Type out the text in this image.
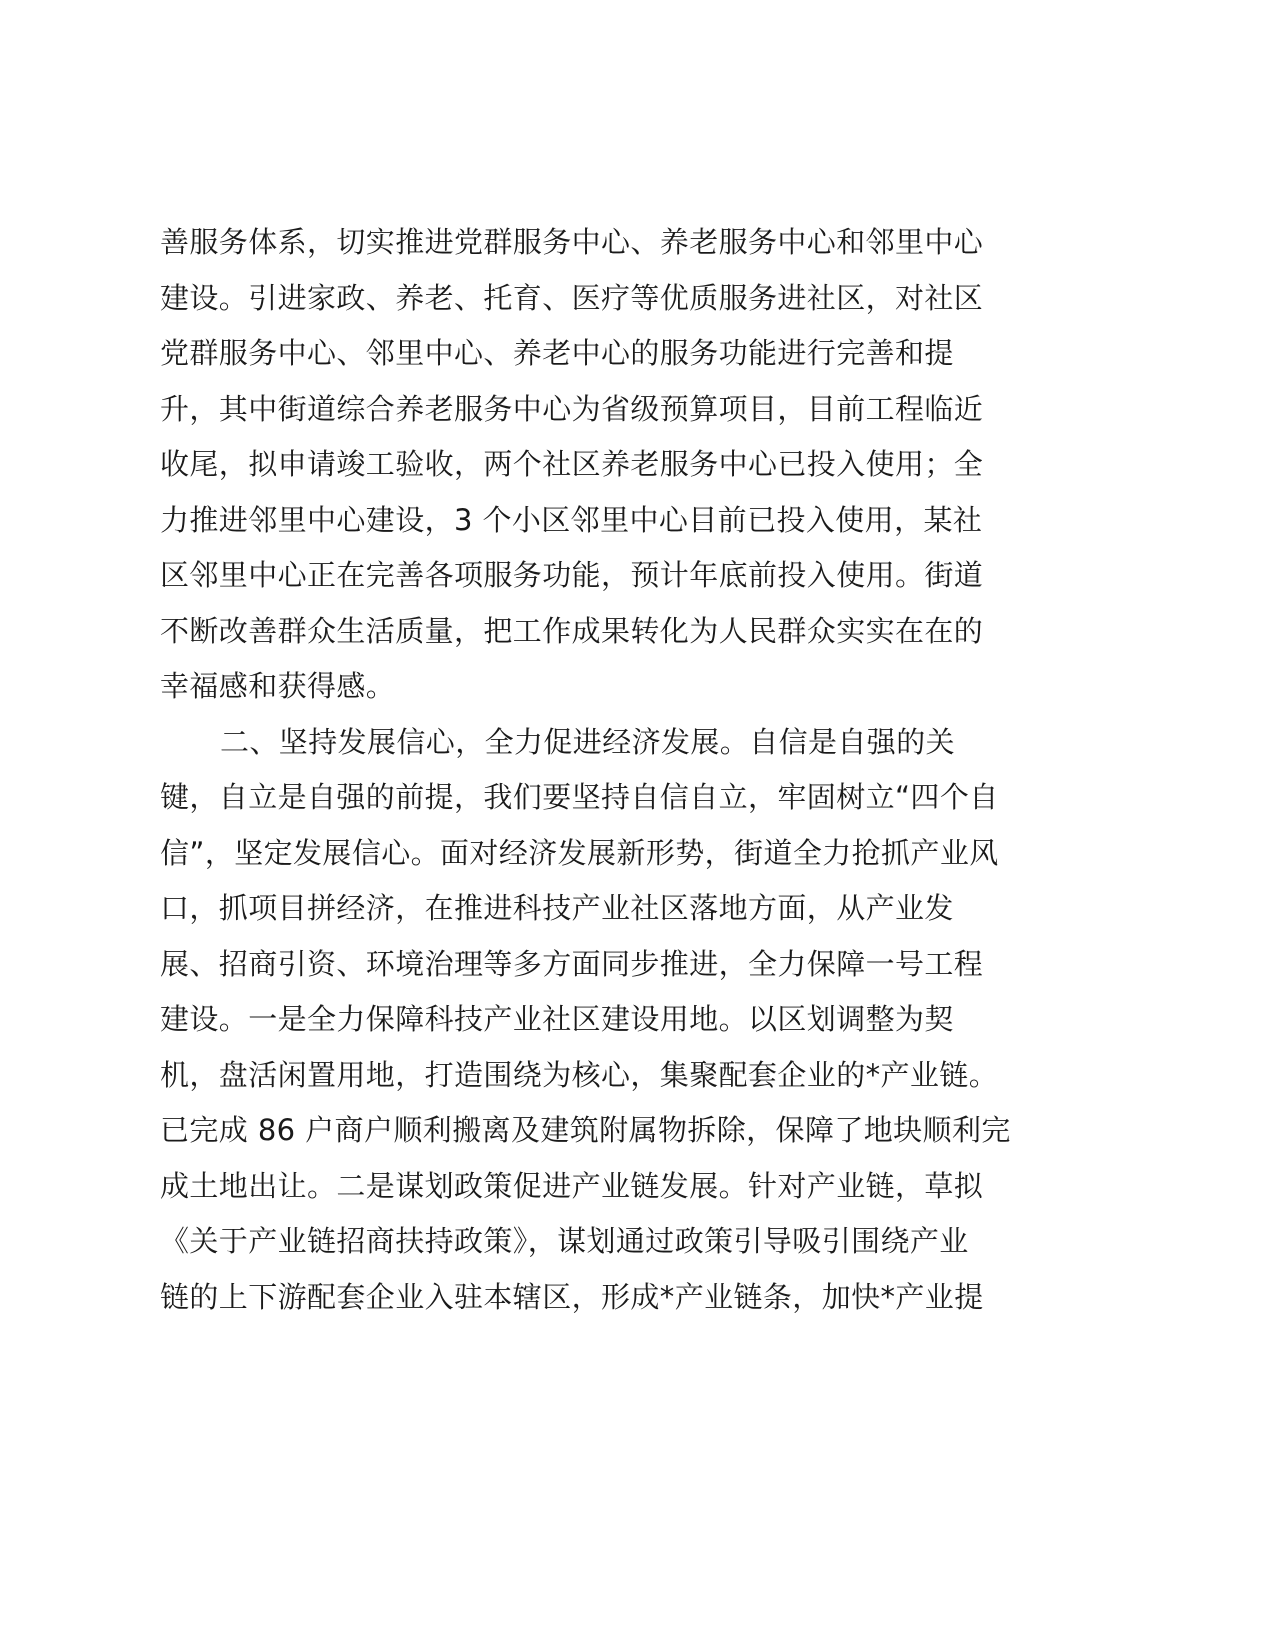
善服务体系，切实推进党群服务中心、养老服务中心和邻里中心
建设。引进家政、养老、托育、医疗等优质服务进社区，对社区
党群服务中心、邻里中心、养老中心的服务功能进行完善和提
升，其中街道综合养老服务中心为省级预算项目，目前工程临近
收尾，拟申请竣工验收，两个社区养老服务中心已投入使用；全
力推进邻里中心建设，3 个小区邻里中心目前已投入使用，某社
区邻里中心正在完善各项服务功能，预计年底前投入使用。街道
不断改善群众生活质量，把工作成果转化为人民群众实实在在的
幸福感和获得感。
二、坚持发展信心，全力促进经济发展。自信是自强的关
键，自立是自强的前提，我们要坚持自信自立，牢固树立“四个自
信”，坚定发展信心。面对经济发展新形势，街道全力抢抓产业风
口，抓项目拼经济，在推进科技产业社区落地方面，从产业发
展、招商引资、环境治理等多方面同步推进，全力保障一号工程
建设。一是全力保障科技产业社区建设用地。以区划调整为契
机，盘活闲置用地，打造围绕为核心，集聚配套企业的*产业链。
已完成 86 户商户顺利搬离及建筑附属物拆除，保障了地块顺利完
成土地出让。二是谋划政策促进产业链发展。针对产业链，草拟
《关于产业链招商扶持政策》，谋划通过政策引导吸引围绕产业
链的上下游配套企业入驻本辖区，形成*产业链条，加快*产业提
